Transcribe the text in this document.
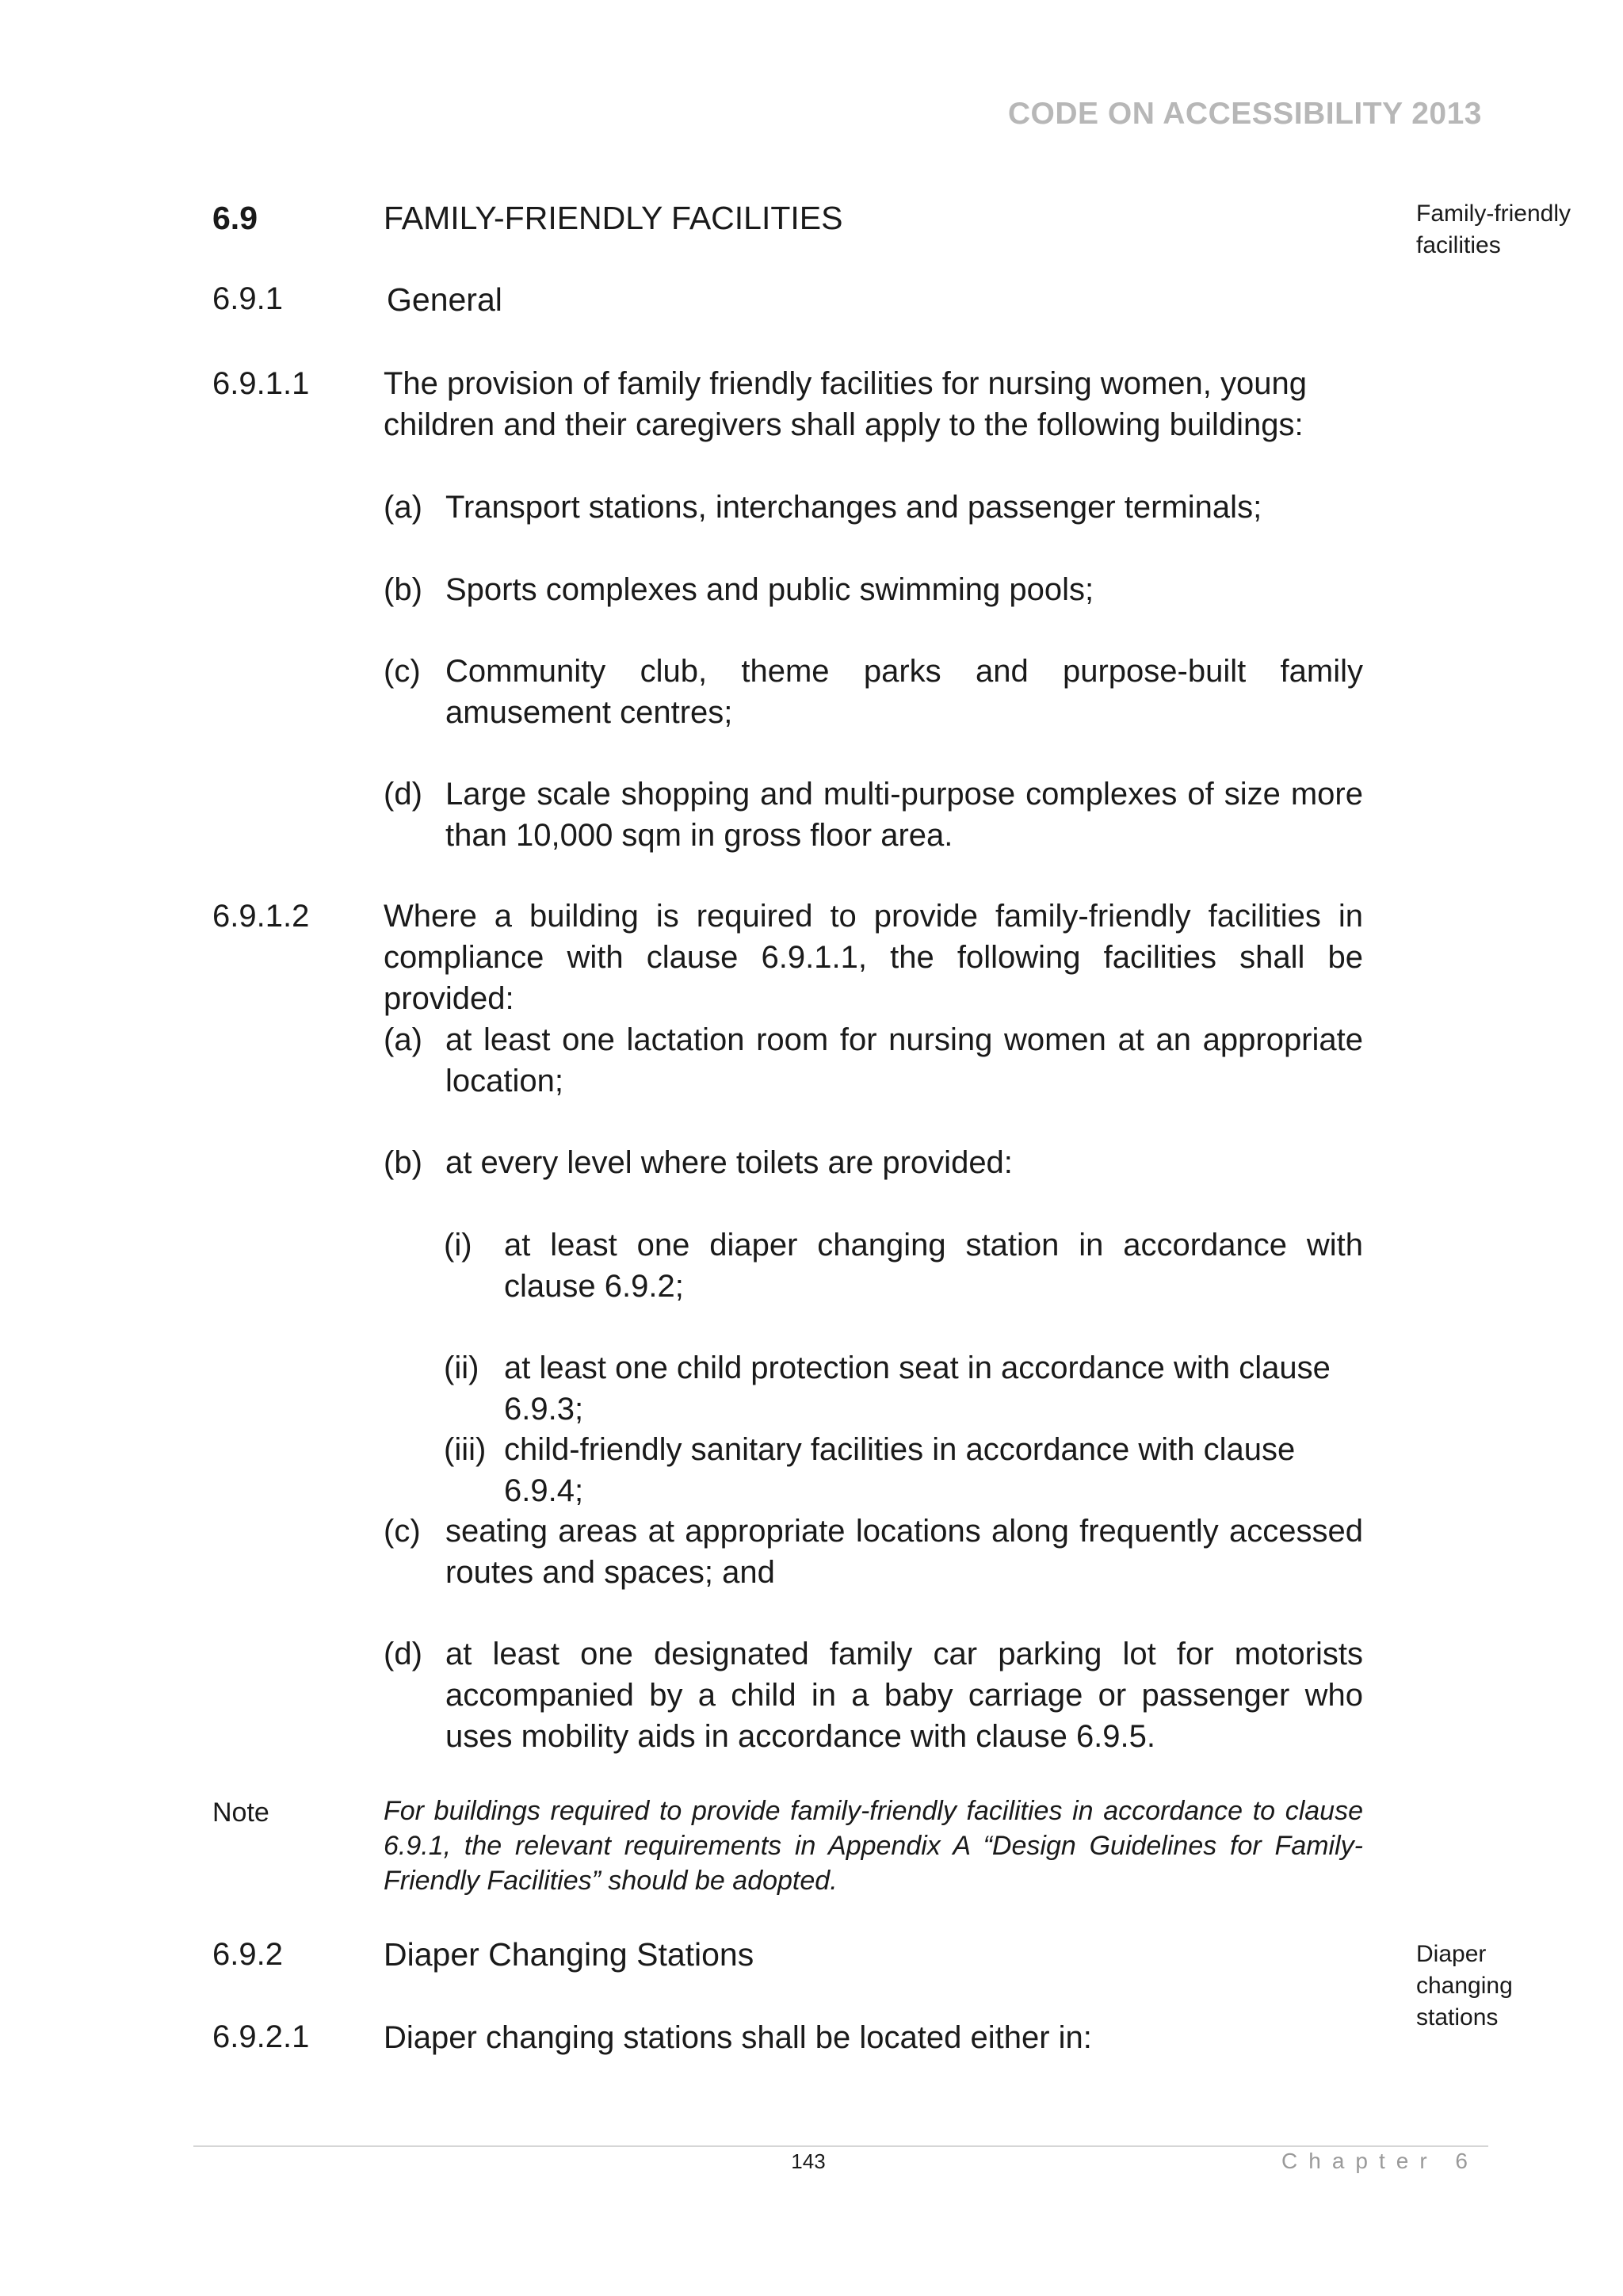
CODE ON ACCESSIBILITY 2013
Family-friendly facilities
Diaper changing stations
6.9	FAMILY-FRIENDLY FACILITIES
6.9.1	General
6.9.1.1 The provision of family friendly facilities for nursing women, young children and their caregivers shall apply to the following buildings:
(a) Transport stations, interchanges and passenger terminals;
(b) Sports complexes and public swimming pools;
(c) Community club, theme parks and purpose-built family amusement centres;
(d) Large scale shopping and multi-purpose complexes of size more than 10,000 sqm in gross floor area.
6.9.1.2 Where a building is required to provide family-friendly facilities in compliance with clause 6.9.1.1, the following facilities shall be provided:
(a) at least one lactation room for nursing women at an appropriate location;
(b) at every level where toilets are provided:
(i)	at least one diaper changing station in accordance with clause 6.9.2;
(ii) at least one child protection seat in accordance with clause 6.9.3;
(iii) child-friendly sanitary facilities in accordance with clause 6.9.4;
(c) seating areas at appropriate locations along frequently accessed routes and spaces; and
(d) at least one designated family car parking lot for motorists accompanied by a child in a baby carriage or passenger who uses mobility aids in accordance with clause 6.9.5.
Note	For buildings required to provide family-friendly facilities in accordance to clause 6.9.1, the relevant requirements in Appendix A “Design Guidelines for Family-Friendly Facilities” should be adopted.
6.9.2	Diaper Changing Stations
6.9.2.1 Diaper changing stations shall be located either in:
143	Chapter 6
